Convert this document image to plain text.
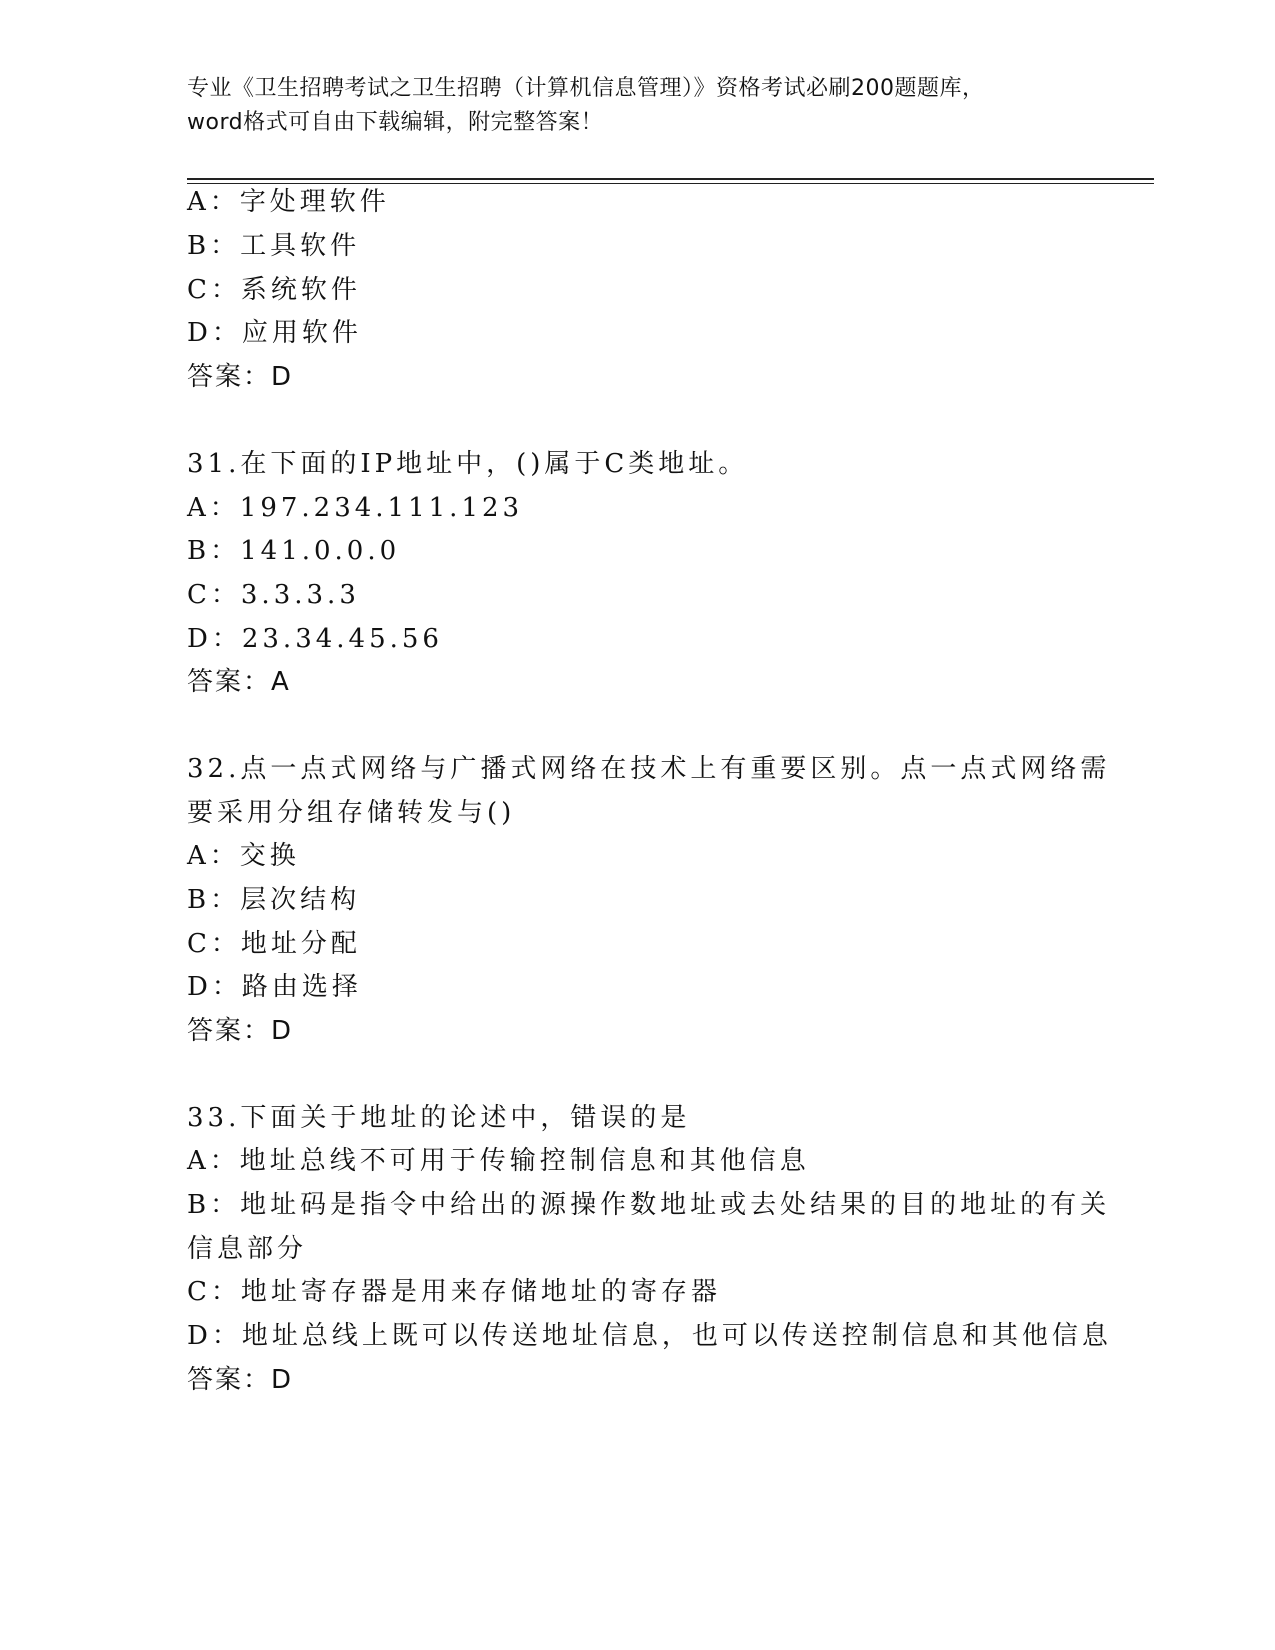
专业《卫生招聘考试之卫生招聘（计算机信息管理）》资格考试必刷200题题库，
word格式可自由下载编辑，附完整答案！
A：字处理软件
B：工具软件
C：系统软件
D：应用软件
答案：D
31.在下面的IP地址中，()属于C类地址。
A：197.234.111.123
B：141.0.0.0
C：3.3.3.3
D：23.34.45.56
答案：A
32.点一点式网络与广播式网络在技术上有重要区别。点一点式网络需
要采用分组存储转发与()
A：交换
B：层次结构
C：地址分配
D：路由选择
答案：D
33.下面关于地址的论述中，错误的是
A：地址总线不可用于传输控制信息和其他信息
B：地址码是指令中给出的源操作数地址或去处结果的目的地址的有关
信息部分
C：地址寄存器是用来存储地址的寄存器
D：地址总线上既可以传送地址信息，也可以传送控制信息和其他信息
答案：D
